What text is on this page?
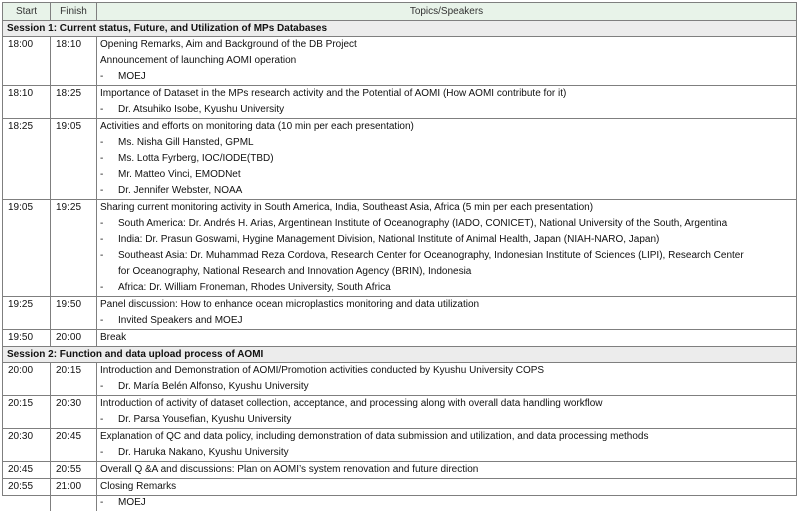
Start	Finish	Topics/Speakers
Session 1: Current status, Future, and Utilization of MPs Databases
18:00	18:10	Opening Remarks, Aim and Background of the DB Project
Announcement of launching AOMI operation
-	MOEJ
18:10	18:25	Importance of Dataset in the MPs research activity and the Potential of AOMI (How AOMI contribute for it)
-	Dr. Atsuhiko Isobe, Kyushu University
18:25	19:05	Activities and efforts on monitoring data (10 min per each presentation)
-	Ms. Nisha Gill Hansted, GPML
-	Ms. Lotta Fyrberg, IOC/IODE(TBD)
-	Mr. Matteo Vinci, EMODNet
-	Dr. Jennifer Webster, NOAA
19:05	19:25	Sharing current monitoring activity in South America, India, Southeast Asia, Africa (5 min per each presentation)
-	South America: Dr. Andrés H. Arias, Argentinean Institute of Oceanography (IADO, CONICET), National University of the South, Argentina
-	India: Dr. Prasun Goswami, Hygine Management Division, National Institute of Animal Health, Japan (NIAH-NARO, Japan)
-	Southeast Asia: Dr. Muhammad Reza Cordova, Research Center for Oceanography, Indonesian Institute of Sciences (LIPI), Research Center
for Oceanography, National Research and Innovation Agency (BRIN), Indonesia
-	Africa: Dr. William Froneman, Rhodes University, South Africa
19:25	19:50	Panel discussion: How to enhance ocean microplastics monitoring and data utilization
-	Invited Speakers and MOEJ
19:50	20:00	Break
Session 2: Function and data upload process of AOMI
20:00	20:15	Introduction and Demonstration of AOMI/Promotion activities conducted by Kyushu University COPS
-	Dr. María Belén Alfonso, Kyushu University
20:15	20:30	Introduction of activity of dataset collection, acceptance, and processing along with overall data handling workflow
-	Dr. Parsa Yousefian, Kyushu University
20:30	20:45	Explanation of QC and data policy, including demonstration of data submission and utilization, and data processing methods
-	Dr. Haruka Nakano, Kyushu University
20:45	20:55	Overall Q &A and discussions: Plan on AOMI’s system renovation and future direction
20:55	21:00	Closing Remarks
-	MOEJ
